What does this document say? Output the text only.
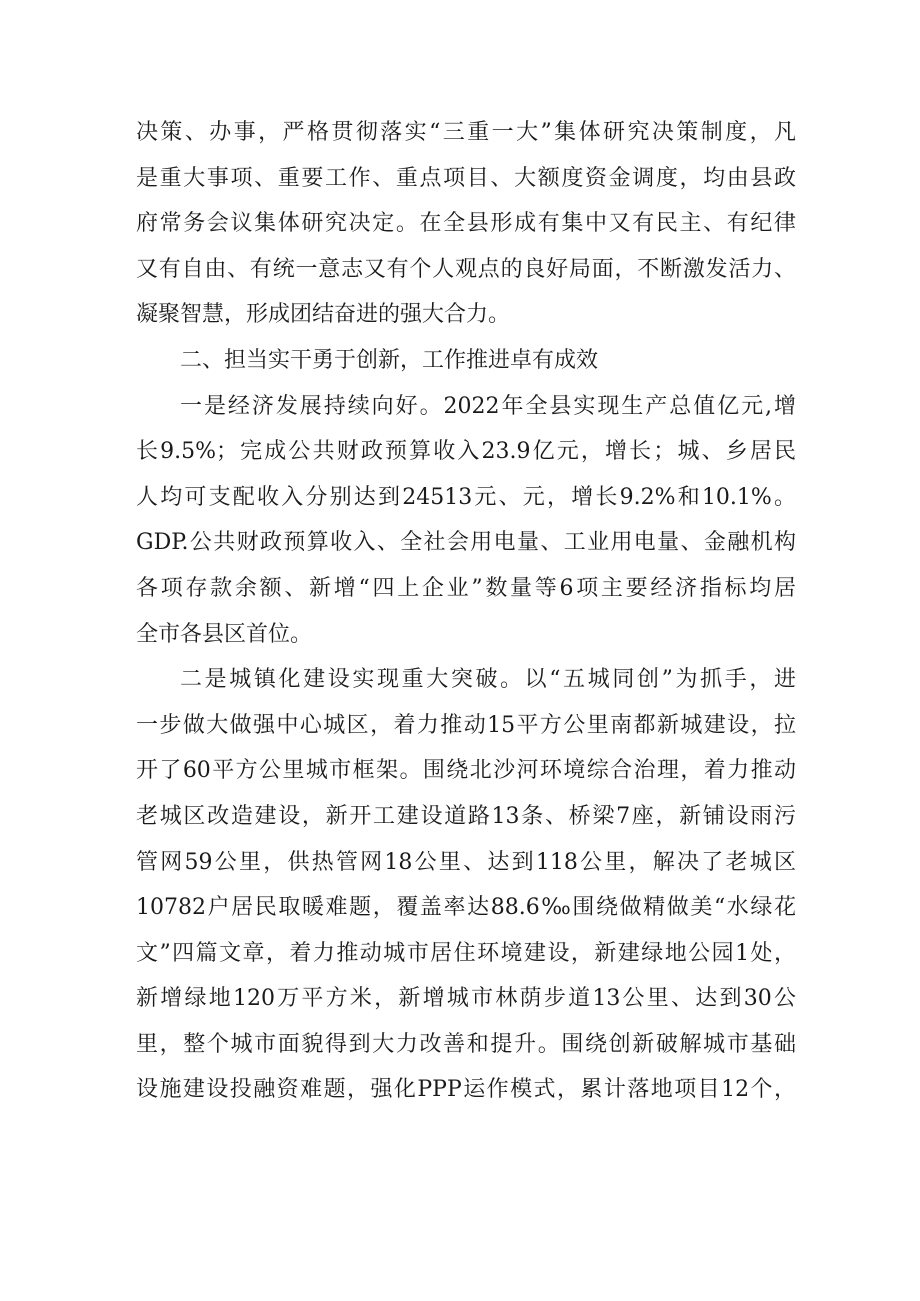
决策、办事，严格贯彻落实“三重一大”集体研究决策制度，凡
是重大事项、重要工作、重点项目、大额度资金调度，均由县政
府常务会议集体研究决定。在全县形成有集中又有民主、有纪律
又有自由、有统一意志又有个人观点的良好局面，不断激发活力、
凝聚智慧，形成团结奋进的强大合力。
二、担当实干勇于创新，工作推进卓有成效
一是经济发展持续向好。2022年全县实现生产总值亿元,增
长9.5%；完成公共财政预算收入23.9亿元，增长；城、乡居民
人均可支配收入分别达到24513元、元，增长9.2%和10.1%。
GDP.公共财政预算收入、全社会用电量、工业用电量、金融机构
各项存款余额、新增“四上企业”数量等6项主要经济指标均居
全市各县区首位。
二是城镇化建设实现重大突破。以“五城同创”为抓手，进
一步做大做强中心城区，着力推动15平方公里南都新城建设，拉
开了60平方公里城市框架。围绕北沙河环境综合治理，着力推动
老城区改造建设，新开工建设道路13条、桥梁7座，新铺设雨污
管网59公里，供热管网18公里、达到118公里，解决了老城区
10782户居民取暖难题，覆盖率达88.6‰围绕做精做美“水绿花
文”四篇文章，着力推动城市居住环境建设，新建绿地公园1处，
新增绿地120万平方米，新增城市林荫步道13公里、达到30公
里，整个城市面貌得到大力改善和提升。围绕创新破解城市基础
设施建设投融资难题，强化PPP运作模式，累计落地项目12个，
